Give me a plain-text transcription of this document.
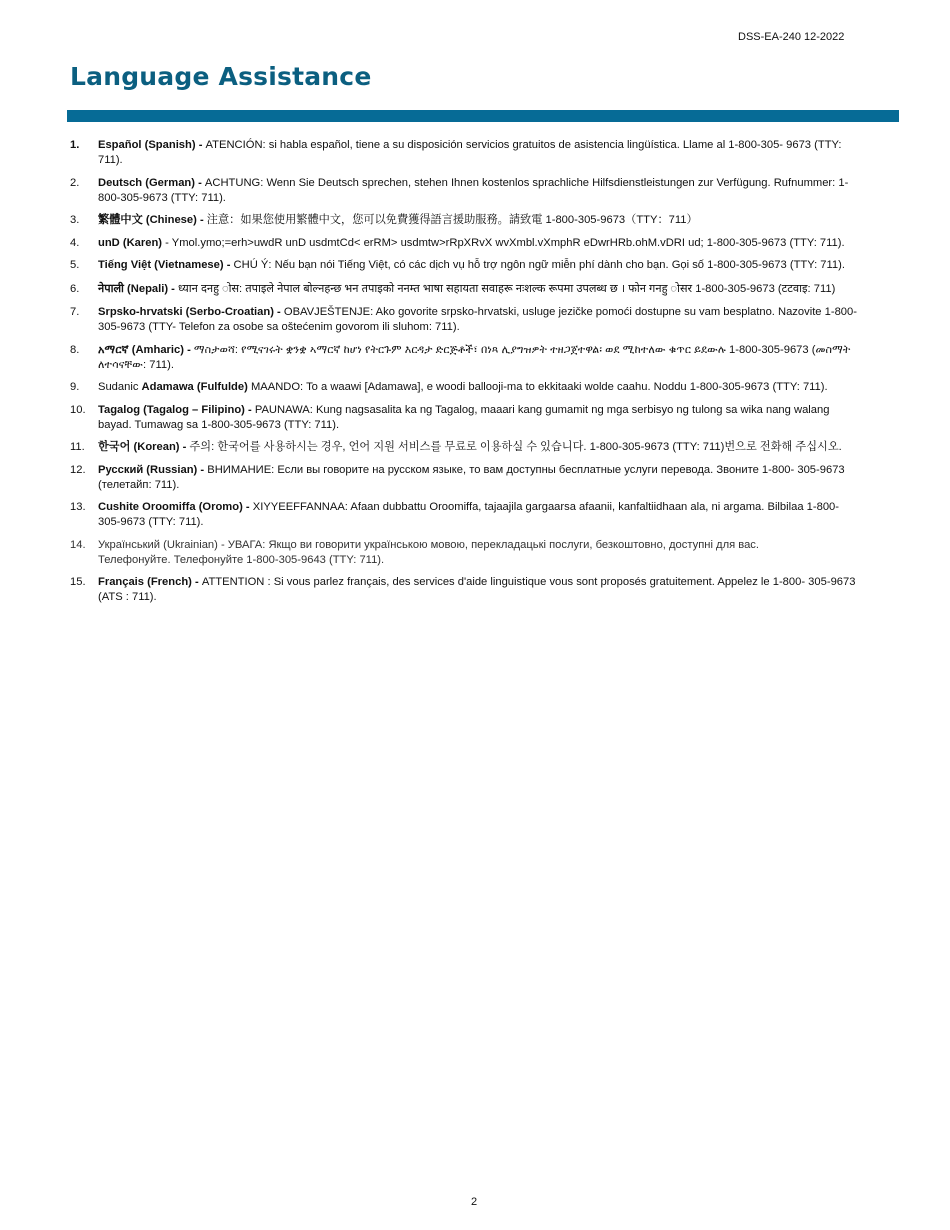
DSS-EA-240 12-2022
Language Assistance
1.	Español (Spanish) - ATENCIÓN: si habla español, tiene a su disposición servicios gratuitos de asistencia lingüística. Llame al 1-800-305- 9673 (TTY: 711).
2.	Deutsch (German) - ACHTUNG: Wenn Sie Deutsch sprechen, stehen Ihnen kostenlos sprachliche Hilfsdienstleistungen zur Verfügung. Rufnummer: 1-800-305-9673 (TTY: 711).
3.	繁體中文 (Chinese) - 注意：如果您使用繁體中文，您可以免費獲得語言援助服務。請致電 1-800-305-9673（TTY：711）
4.	unD (Karen) - Ymol.ymo;=erh>uwdR unD usdmtCd< erRM> usdmtw>rRpXRvX wvXmbl.vXmphR eDwrHRb.ohM.vDRI ud; 1-800-305-9673 (TTY: 711).
5.	Tiếng Việt (Vietnamese) - CHÚ Ý: Nếu bạn nói Tiếng Việt, có các dịch vụ hỗ trợ ngôn ngữ miễn phí dành cho bạn. Gọi số 1-800-305-9673 (TTY: 711).
6.	नेपाली (Nepali) - ध्यान दनहु ोस: तपाइले नेपाल बोल्नहन्छ भन तपाइको ननम्त भाषा सहायता सवाहरू नःशल्क रूपमा उपलब्ध छ । फोन गनहु ोसर 1-800-305-9673 (टटवाइ: 711)
7.	Srpsko-hrvatski (Serbo-Croatian) - OBAVJEŠTENJE: Ako govorite srpsko-hrvatski, usluge jezičke pomoći dostupne su vam besplatno. Nazovite 1-800-305-9673 (TTY- Telefon za osobe sa oštećenim govorom ili sluhom: 711).
8.	አማርኛ (Amharic) - ማስታወሻ: የሚናገሩት ቋንቋ ኣማርኛ ከሆነ የትርጉም እርዳታ ድርጅቶች፣ በነጻ ሊያግዝዎት ተዘጋጀተዋል፡ ወደ ሚከተለው ቁጥር ይደውሉ 1-800-305-9673 (መስማት ለተሳናቸው: 711).
9.	Sudanic Adamawa (Fulfulde) MAANDO: To a waawi [Adamawa], e woodi ballooji-ma to ekkitaaki wolde caahu. Noddu 1-800-305-9673 (TTY: 711).
10.	Tagalog (Tagalog – Filipino) - PAUNAWA: Kung nagsasalita ka ng Tagalog, maaari kang gumamit ng mga serbisyo ng tulong sa wika nang walang bayad. Tumawag sa 1-800-305-9673 (TTY: 711).
11.	한국어 (Korean) - 주의: 한국어를 사용하시는 경우, 언어 지원 서비스를 무료로 이용하실 수 있습니다. 1-800-305-9673 (TTY: 711)번으로 전화해 주십시오.
12.	Русский (Russian) - ВНИМАНИЕ: Если вы говорите на русском языке, то вам доступны бесплатные услуги перевода. Звоните 1-800- 305-9673 (телетайп: 711).
13.	Cushite Oroomiffa (Oromo) - XIYYEEFFANNAA: Afaan dubbattu Oroomiffa, tajaajila gargaarsa afaanii, kanfaltiidhaan ala, ni argama. Bilbilaa 1-800-305-9673 (TTY: 711).
14.	Український (Ukrainian) - УВАГА: Якщо ви говорити українською мовою, перекладацькі послуги, безкоштовно, доступні для вас. Телефонуйте. Телефонуйте 1-800-305-9643 (TTY: 711).
15.	Français (French) - ATTENTION : Si vous parlez français, des services d'aide linguistique vous sont proposés gratuitement. Appelez le 1-800- 305-9673 (ATS : 711).
2
